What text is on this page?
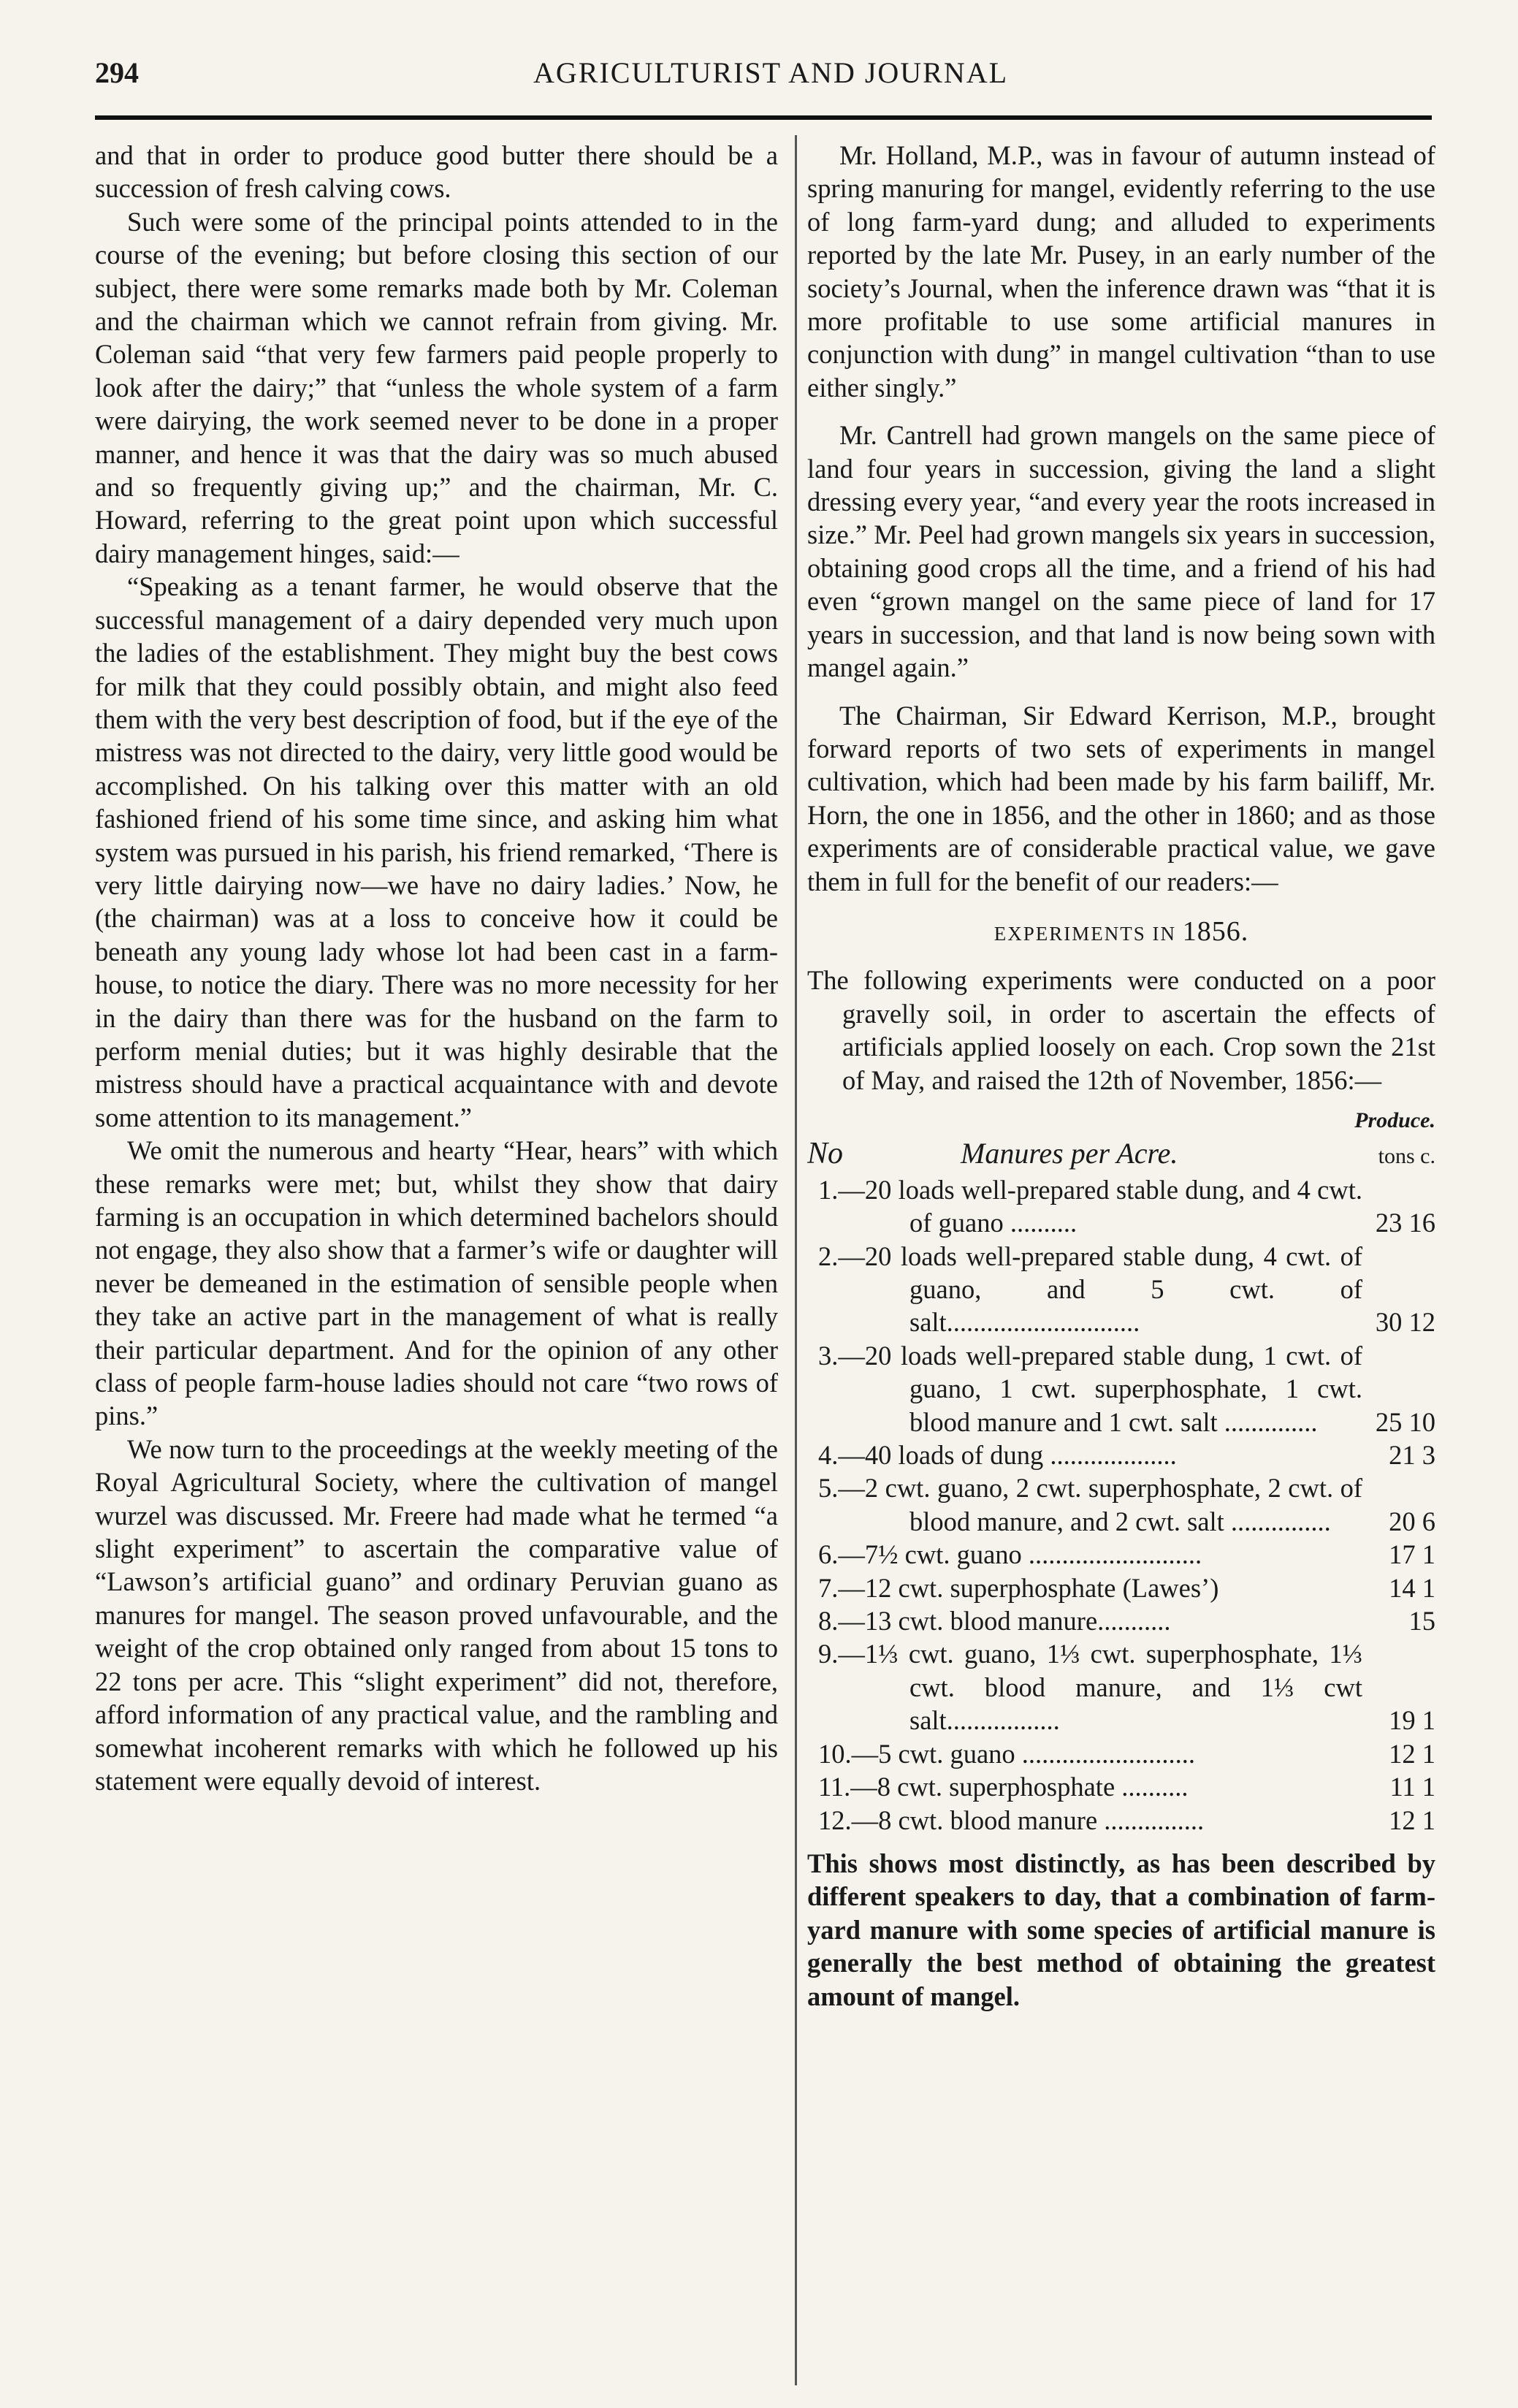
294	AGRICULTURIST AND JOURNAL

and that in order to produce good butter there should be a succession of fresh calving cows.

Such were some of the principal points attended to in the course of the evening; but before closing this section of our subject, there were some remarks made both by Mr. Coleman and the chairman which we cannot refrain from giving. Mr. Coleman said “that very few farmers paid people properly to look after the dairy;” that “unless the whole system of a farm were dairying, the work seemed never to be done in a proper manner, and hence it was that the dairy was so much abused and so frequently giving up;” and the chairman, Mr. C. Howard, referring to the great point upon which successful dairy management hinges, said:—

“Speaking as a tenant farmer, he would observe that the successful management of a dairy depended very much upon the ladies of the establishment. They might buy the best cows for milk that they could possibly obtain, and might also feed them with the very best description of food, but if the eye of the mistress was not directed to the dairy, very little good would be accomplished. On his talking over this matter with an old fashioned friend of his some time since, and asking him what system was pursued in his parish, his friend remarked, ‘There is very little dairying now—we have no dairy ladies.’ Now, he (the chairman) was at a loss to conceive how it could be beneath any young lady whose lot had been cast in a farm-house, to notice the diary. There was no more necessity for her in the dairy than there was for the husband on the farm to perform menial duties; but it was highly desirable that the mistress should have a practical acquaintance with and devote some attention to its management.”

We omit the numerous and hearty “Hear, hears” with which these remarks were met; but, whilst they show that dairy farming is an occupation in which determined bachelors should not engage, they also show that a farmer’s wife or daughter will never be demeaned in the estimation of sensible people when they take an active part in the management of what is really their particular department. And for the opinion of any other class of people farm-house ladies should not care “two rows of pins.”

We now turn to the proceedings at the weekly meeting of the Royal Agricultural Society, where the cultivation of mangel wurzel was discussed. Mr. Freere had made what he termed “a slight experiment” to ascertain the comparative value of “Lawson’s artificial guano” and ordinary Peruvian guano as manures for mangel. The season proved unfavourable, and the weight of the crop obtained only ranged from about 15 tons to 22 tons per acre. This “slight experiment” did not, therefore, afford information of any practical value, and the rambling and somewhat incoherent remarks with which he followed up his statement were equally devoid of interest.

Mr. Holland, M.P., was in favour of autumn instead of spring manuring for mangel, evidently referring to the use of long farm-yard dung; and alluded to experiments reported by the late Mr. Pusey, in an early number of the society’s Journal, when the inference drawn was “that it is more profitable to use some artificial manures in conjunction with dung” in mangel cultivation “than to use either singly.”

Mr. Cantrell had grown mangels on the same piece of land four years in succession, giving the land a slight dressing every year, “and every year the roots increased in size.” Mr. Peel had grown mangels six years in succession, obtaining good crops all the time, and a friend of his had even “grown mangel on the same piece of land for 17 years in succession, and that land is now being sown with mangel again.”

The Chairman, Sir Edward Kerrison, M.P., brought forward reports of two sets of experiments in mangel cultivation, which had been made by his farm bailiff, Mr. Horn, the one in 1856, and the other in 1860; and as those experiments are of considerable practical value, we gave them in full for the benefit of our readers:—

EXPERIMENTS IN 1856.

The following experiments were conducted on a poor gravelly soil, in order to ascertain the effects of artificials applied loosely on each. Crop sown the 21st of May, and raised the 12th of November, 1856:—

Produce.
No	Manures per Acre.	tons c.
1.—20 loads well-prepared stable dung, and 4 cwt. of guano ..........	23 16
2.—20 loads well-prepared stable dung, 4 cwt. of guano, and 5 cwt. of salt.............................	30 12
3.—20 loads well-prepared stable dung, 1 cwt. of guano, 1 cwt. superphosphate, 1 cwt. blood manure and 1 cwt. salt ..............	25 10
4.—40 loads of dung ...................	21 3
5.—2 cwt. guano, 2 cwt. superphosphate, 2 cwt. of blood manure, and 2 cwt. salt ...............	20 6
6.—7½ cwt. guano ..........................	17 1
7.—12 cwt. superphosphate (Lawes’)	14 1
8.—13 cwt. blood manure...........	15
9.—1⅓ cwt. guano, 1⅓ cwt. superphosphate, 1⅓ cwt. blood manure, and 1⅓ cwt salt.................	19 1
10.—5 cwt. guano ..........................	12 1
11.—8 cwt. superphosphate ..........	11 1
12.—8 cwt. blood manure ...............	12 1

This shows most distinctly, as has been described by different speakers to day, that a combination of farm-yard manure with some species of artificial manure is generally the best method of obtaining the greatest amount of mangel.
